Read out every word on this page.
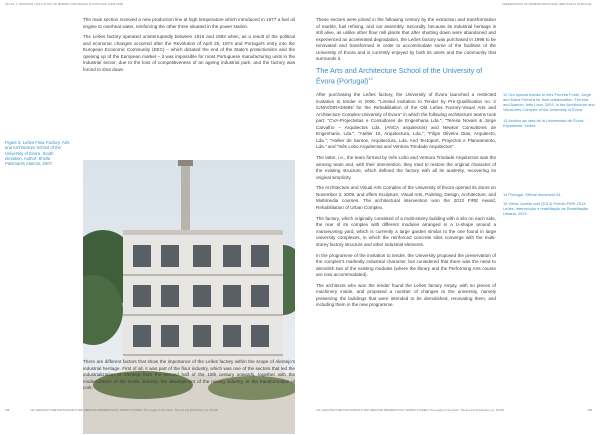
VILLAS, J. SKOOLING | FULL STUDY OF MEMORY AND DESIGN IN PORTUGAL (1905-1995)	PRESERVATION OF MODERN INDUSTRIAL HERITAGE IN PORTUGAL

The main section received a new production line at high temperature which introduced in 1977 a fuel oil engine to overheat water, reinforcing the other three situated in the power station.

The Leões factory operated uninterruptedly between 1916 and 1993 when, as a result of the political and economic changes occurred after the Revolution of April 25, 1974 and Portugal's entry into the European Economic Community (EEC) – which dictated the end of the State's protectionism and the opening up of the European market – it was impossible for most Portuguese manufacturing units in the industrial sector, due to the loss of competitiveness of an ageing industrial park, and the factory was forced to shut down.

Figure 3: Leões Flour Factory: Arts and Architecture School of the University of Évora. South elevation. Author: Sheila Palomares Alarcón, 2007.

There are different factors that show the importance of the Leões factory within the scope of Alentejo's industrial heritage. First of all, it was part of the flour industry, which was one of the sectors that led the industrialization of Alentejo from the second half of the 19th century onwards, together with the modernization of the textile industry, the development of the mining industry, or the transformation of cork.

These sectors were joined in the following century by the extraction and transformation of marble, fuel refining, and car assembly. Secondly, because its industrial heritage is still alive, as unlike other flour mill plants that after shutting down were abandoned and experienced an accelerated degradation, the Leões factory was purchased in 1998 to be renovated and transformed in order to accommodate some of the facilities of the University of Évora and is currently enjoyed by both its users and the community that surrounds it.

The Arts and Architecture School of the University of Évora (Portugal)$^{12}$

After purchasing the Leões factory, the University of Évora launched a restricted invitation to tender in 2006. "Limited invitation to Tender by Pre-Qualification no. 2 /UNIV/DIRADMIN/ for the Rehabilitation of the Old Leões Factory-Visual Arts and Architecture Complex-University of Évora" in which the following architecture teams took part: "CVA-Projectistas e Consultores de Engenharia Lda."; "Teresa Novais & Jorge Carvalho – Arquitectos Lda. (ANCA arquitectos) and Newton Consultores de Engenharia, Lda."; "Atelier 15, Arquitectura, Lda."; "Filipe Oliveira Dias, Arquitecto, Lda."; "Atelier de Santos, Arquitectura, Lda. And Tectoport, Projectos e Planeamento, Lda." and "Inês Lobo Arquitectos and Ventura Trindade Arquitectos".

The latter, i.e., the team formed by Inês Lobo and Ventura Trindade Arquitectos was the winning team and, with their intervention, they tried to restore the original character of the existing structure, which defined the factory with all its austerity, recovering its original simplicity.

The Architecture and Visual Arts Complex of the University of Évora opened its doors on November 2, 2009, and offers Sculpture, Visual Arts, Painting, Design, Architecture, and Multimedia courses. The architectural intervention won the 2013 FIRE Award, Rehabilitation of Urban Complex.

The factory, which originally consisted of a multi-storey building with a silo on each side, the rear of its complex with different modules arranged in a U-shape around a manoeuvring yard, which is currently a large garden similar to the one found in large university complexes, in which the reinforced concrete silos converge with the multi-storey factory structure and other industrial elements.

In the programme of the invitation to tender, the University proposed the preservation of the complex's markedly industrial character, but considered that there was the need to demolish two of the existing modules (where the library and the Performing Arts course are now accommodated).

The architects who won the tender found the Leões factory empty, with no pieces of machinery inside, and proposed a number of changes to the university, namely preserving the buildings that were intended to be demolished, renovating them, and including them in the new programme.

12 Our special thanks to Inês Ferreira Fonte, Jorge and Maria Ferreira for their collaboration. Ferreira and Alarcón: Inês Lobo, 2003. In the Architecture and Visual Arts Complex of the University of Évora.
13 Archivo da obra de la Universidad de Évora. Expediente: Leões.
14 Portugal, Official document 54.
15 Vieira, Aurélio and (2013) Prémio FIRE 2013: Leões: Intervenção e reabilitação de Reabilitação Urbana, 2013.
188	VIA | ARCHITECTURE PHOTOGRAPHY AND HERITAGE PRESERVATION | NORDIC STUDIES | The Legacy of the Future: The Arts and Architecture | pp. 56-200	VIA | ARCHITECTURE PHOTOGRAPHY AND HERITAGE PRESERVATION | NORDIC STUDIES | The Legacy of the Future: The Arts and Architecture | pp. 56-200	189
